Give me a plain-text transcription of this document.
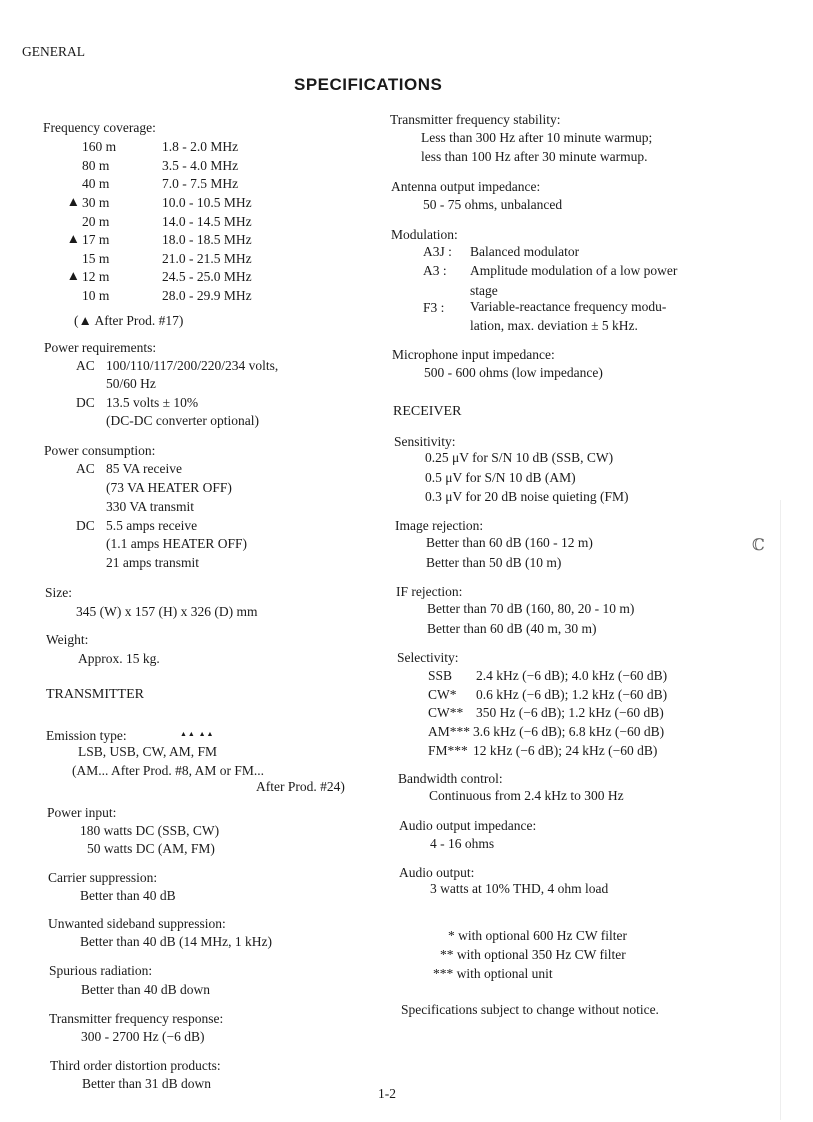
GENERAL
SPECIFICATIONS
Frequency coverage:
	160 m	1.8 - 2.0 MHz
	80 m	3.5 - 4.0 MHz
	40 m	7.0 - 7.5 MHz
▲	30 m	10.0 - 10.5 MHz
	20 m	14.0 - 14.5 MHz
▲	17 m	18.0 - 18.5 MHz
	15 m	21.0 - 21.5 MHz
▲	12 m	24.5 - 25.0 MHz
	10 m	28.0 - 29.9 MHz
(▲ After Prod. #17)
Power requirements:
AC 100/110/117/200/220/234 volts,
50/60 Hz
DC 13.5 volts ± 10%
(DC-DC converter optional)
Power consumption:
AC 85 VA receive
(73 VA HEATER OFF)
330 VA transmit
DC 5.5 amps receive
(1.1 amps HEATER OFF)
21 amps transmit
Size:
345 (W) x 157 (H) x 326 (D) mm
Weight:
Approx. 15 kg.
TRANSMITTER
Emission type:	▲▲ ▲▲
LSB, USB, CW, AM, FM
(AM... After Prod. #8, AM or FM...
After Prod. #24)
Power input:
180 watts DC (SSB, CW)
50 watts DC (AM, FM)
Carrier suppression:
Better than 40 dB
Unwanted sideband suppression:
Better than 40 dB (14 MHz, 1 kHz)
Spurious radiation:
Better than 40 dB down
Transmitter frequency response:
300 - 2700 Hz (−6 dB)
Third order distortion products:
Better than 31 dB down
Transmitter frequency stability:
Less than 300 Hz after 10 minute warmup;
less than 100 Hz after 30 minute warmup.
Antenna output impedance:
50 - 75 ohms, unbalanced
Modulation:
A3J : Balanced modulator
A3 : Amplitude modulation of a low power
stage
F3 : Variable-reactance frequency modu-
lation, max. deviation ± 5 kHz.
Microphone input impedance:
500 - 600 ohms (low impedance)
RECEIVER
Sensitivity:
0.25 μV for S/N 10 dB (SSB, CW)
0.5 μV for S/N 10 dB (AM)
0.3 μV for 20 dB noise quieting (FM)
Image rejection:
Better than 60 dB (160 - 12 m)
Better than 50 dB (10 m)
IF rejection:
Better than 70 dB (160, 80, 20 - 10 m)
Better than 60 dB (40 m, 30 m)
Selectivity:
SSB 2.4 kHz (−6 dB); 4.0 kHz (−60 dB)
CW* 0.6 kHz (−6 dB); 1.2 kHz (−60 dB)
CW** 350 Hz (−6 dB); 1.2 kHz (−60 dB)
AM*** 3.6 kHz (−6 dB); 6.8 kHz (−60 dB)
FM*** 12 kHz (−6 dB); 24 kHz (−60 dB)
Bandwidth control:
Continuous from 2.4 kHz to 300 Hz
Audio output impedance:
4 - 16 ohms
Audio output:
3 watts at 10% THD, 4 ohm load
* with optional 600 Hz CW filter
** with optional 350 Hz CW filter
*** with optional unit
Specifications subject to change without notice.
1-2
ℂ
